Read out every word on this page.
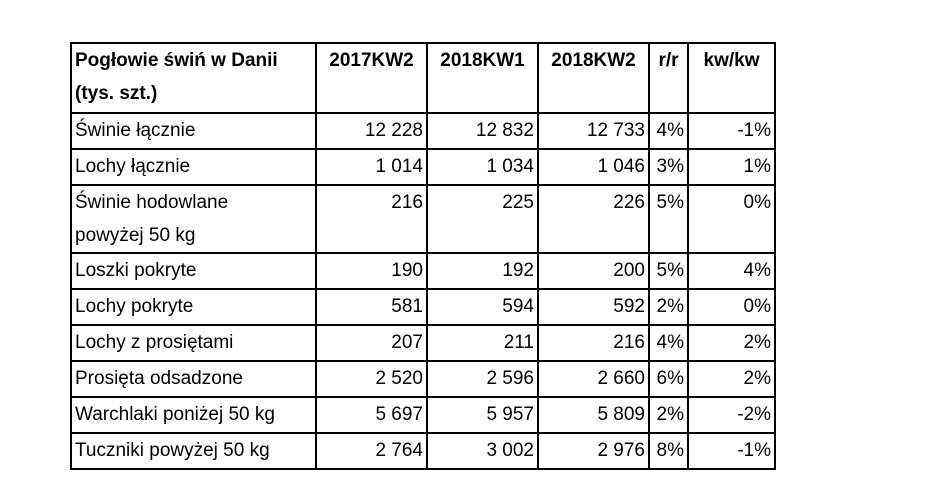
Pogłowie świń w Danii
(tys. szt.)	2017KW2	2018KW1	2018KW2	r/r	kw/kw
Świnie łącznie	12 228	12 832	12 733	4%	-1%
Lochy łącznie	1 014	1 034	1 046	3%	1%

Świnie hodowlane
powyżej 50 kg	216	225	226	5%	0%
Loszki pokryte	190	192	200	5%	4%
Lochy pokryte	581	594	592	2%	0%
Lochy z prosiętami	207	211	216	4%	2%
Prosięta odsadzone	2 520	2 596	2 660	6%	2%
Warchlaki poniżej 50 kg	5 697	5 957	5 809	2%	-2%
Tuczniki powyżej 50 kg	2 764	3 002	2 976	8%	-1%
